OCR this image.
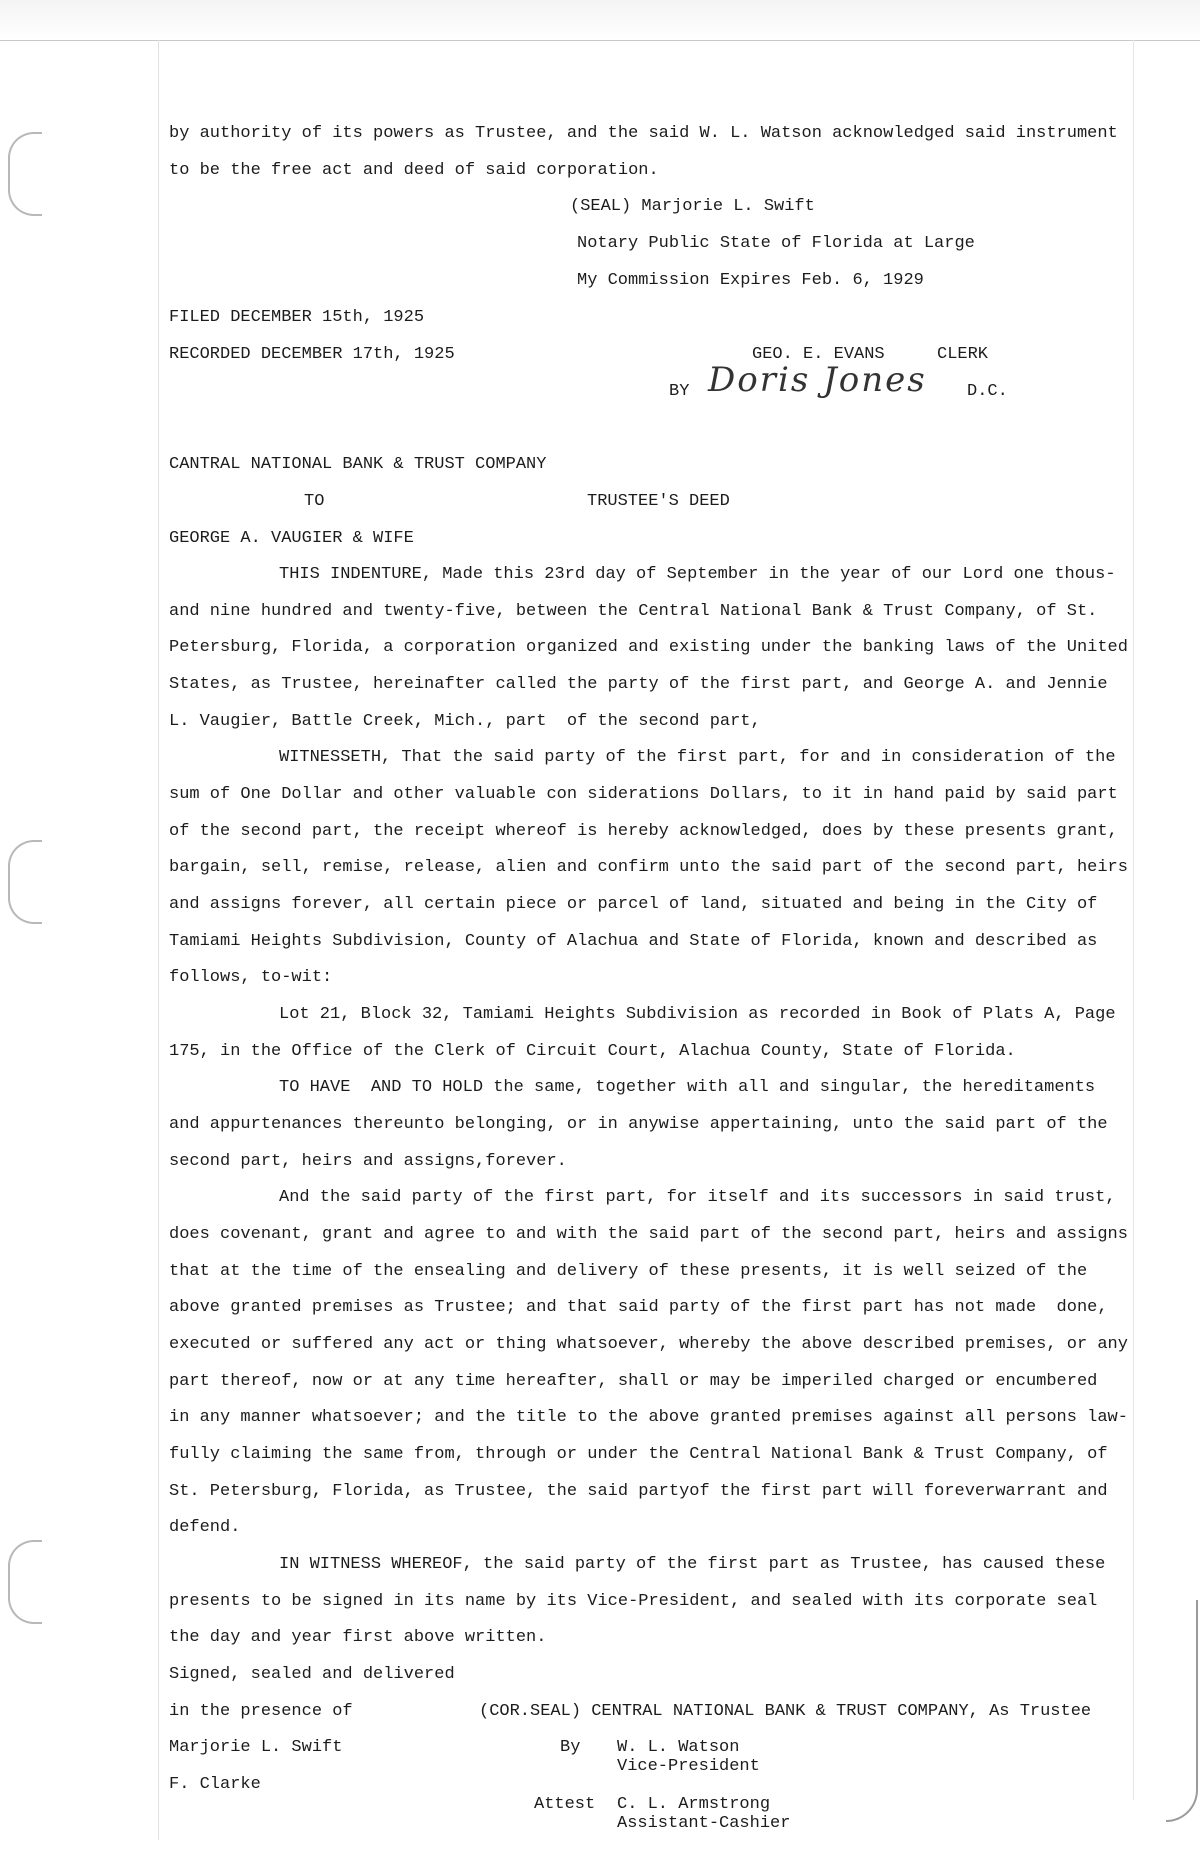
by authority of its powers as Trustee, and the said W. L. Watson acknowledged said instrument
to be the free act and deed of said corporation.
(SEAL) Marjorie L. Swift
Notary Public State of Florida at Large
My Commission Expires Feb. 6, 1929
FILED DECEMBER 15th, 1925
RECORDED DECEMBER 17th, 1925	GEO. E. EVANS	CLERK
BY Doris Jones D.C.
CANTRAL NATIONAL BANK & TRUST COMPANY
TO	TRUSTEE'S DEED
GEORGE A. VAUGIER & WIFE
THIS INDENTURE, Made this 23rd day of September in the year of our Lord one thous-
and nine hundred and twenty-five, between the Central National Bank & Trust Company, of St.
Petersburg, Florida, a corporation organized and existing under the banking laws of the United
States, as Trustee, hereinafter called the party of the first part, and George A. and Jennie
L. Vaugier, Battle Creek, Mich., part  of the second part,
WITNESSETH, That the said party of the first part, for and in consideration of the
sum of One Dollar and other valuable con siderations Dollars, to it in hand paid by said part
of the second part, the receipt whereof is hereby acknowledged, does by these presents grant,
bargain, sell, remise, release, alien and confirm unto the said part of the second part, heirs
and assigns forever, all certain piece or parcel of land, situated and being in the City of
Tamiami Heights Subdivision, County of Alachua and State of Florida, known and described as
follows, to-wit:
Lot 21, Block 32, Tamiami Heights Subdivision as recorded in Book of Plats A, Page
175, in the Office of the Clerk of Circuit Court, Alachua County, State of Florida.
TO HAVE  AND TO HOLD the same, together with all and singular, the hereditaments
and appurtenances thereunto belonging, or in anywise appertaining, unto the said part of the
second part, heirs and assigns,forever.
And the said party of the first part, for itself and its successors in said trust,
does covenant, grant and agree to and with the said part of the second part, heirs and assigns
that at the time of the ensealing and delivery of these presents, it is well seized of the
above granted premises as Trustee; and that said party of the first part has not made  done,
executed or suffered any act or thing whatsoever, whereby the above described premises, or any
part thereof, now or at any time hereafter, shall or may be imperiled charged or encumbered
in any manner whatsoever; and the title to the above granted premises against all persons law-
fully claiming the same from, through or under the Central National Bank & Trust Company, of
St. Petersburg, Florida, as Trustee, the said partyof the first part will foreverwarrant and
defend.
IN WITNESS WHEREOF, the said party of the first part as Trustee, has caused these
presents to be signed in its name by its Vice-President, and sealed with its corporate seal
the day and year first above written.
Signed, sealed and delivered
in the presence of	(COR.SEAL) CENTRAL NATIONAL BANK & TRUST COMPANY, As Trustee
Marjorie L. Swift	By W. L. Watson
Vice-President
F. Clarke
Attest C. L. Armstrong
Assistant-Cashier
